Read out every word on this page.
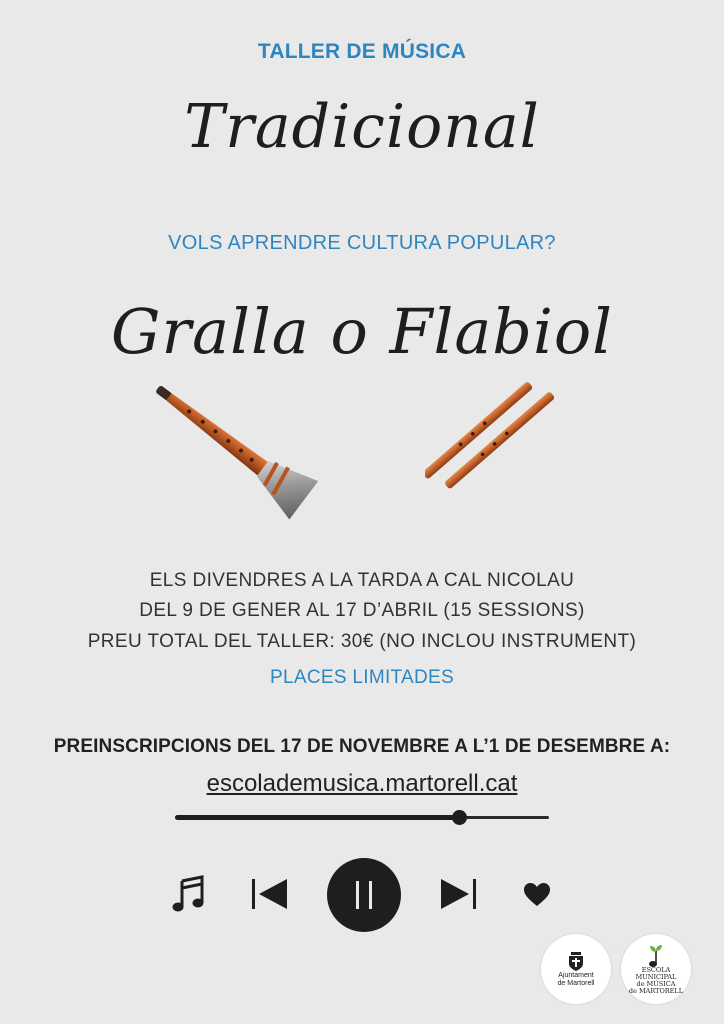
TALLER DE MÚSICA
Tradicional
VOLS APRENDRE CULTURA POPULAR?
Gralla o Flabiol
ELS DIVENDRES A LA TARDA A CAL NICOLAU
DEL 9 DE GENER AL 17 D’ABRIL (15 SESSIONS)
PREU TOTAL DEL TALLER: 30€ (NO INCLOU INSTRUMENT)
PLACES LIMITADES
PREINSCRIPCIONS DEL 17 DE NOVEMBRE A L’1 DE DESEMBRE A:
escolademusica.martorell.cat
Ajuntament
de Martorell
ESCOLA MUNICIPAL
de MÚSICA
de MARTORELL
